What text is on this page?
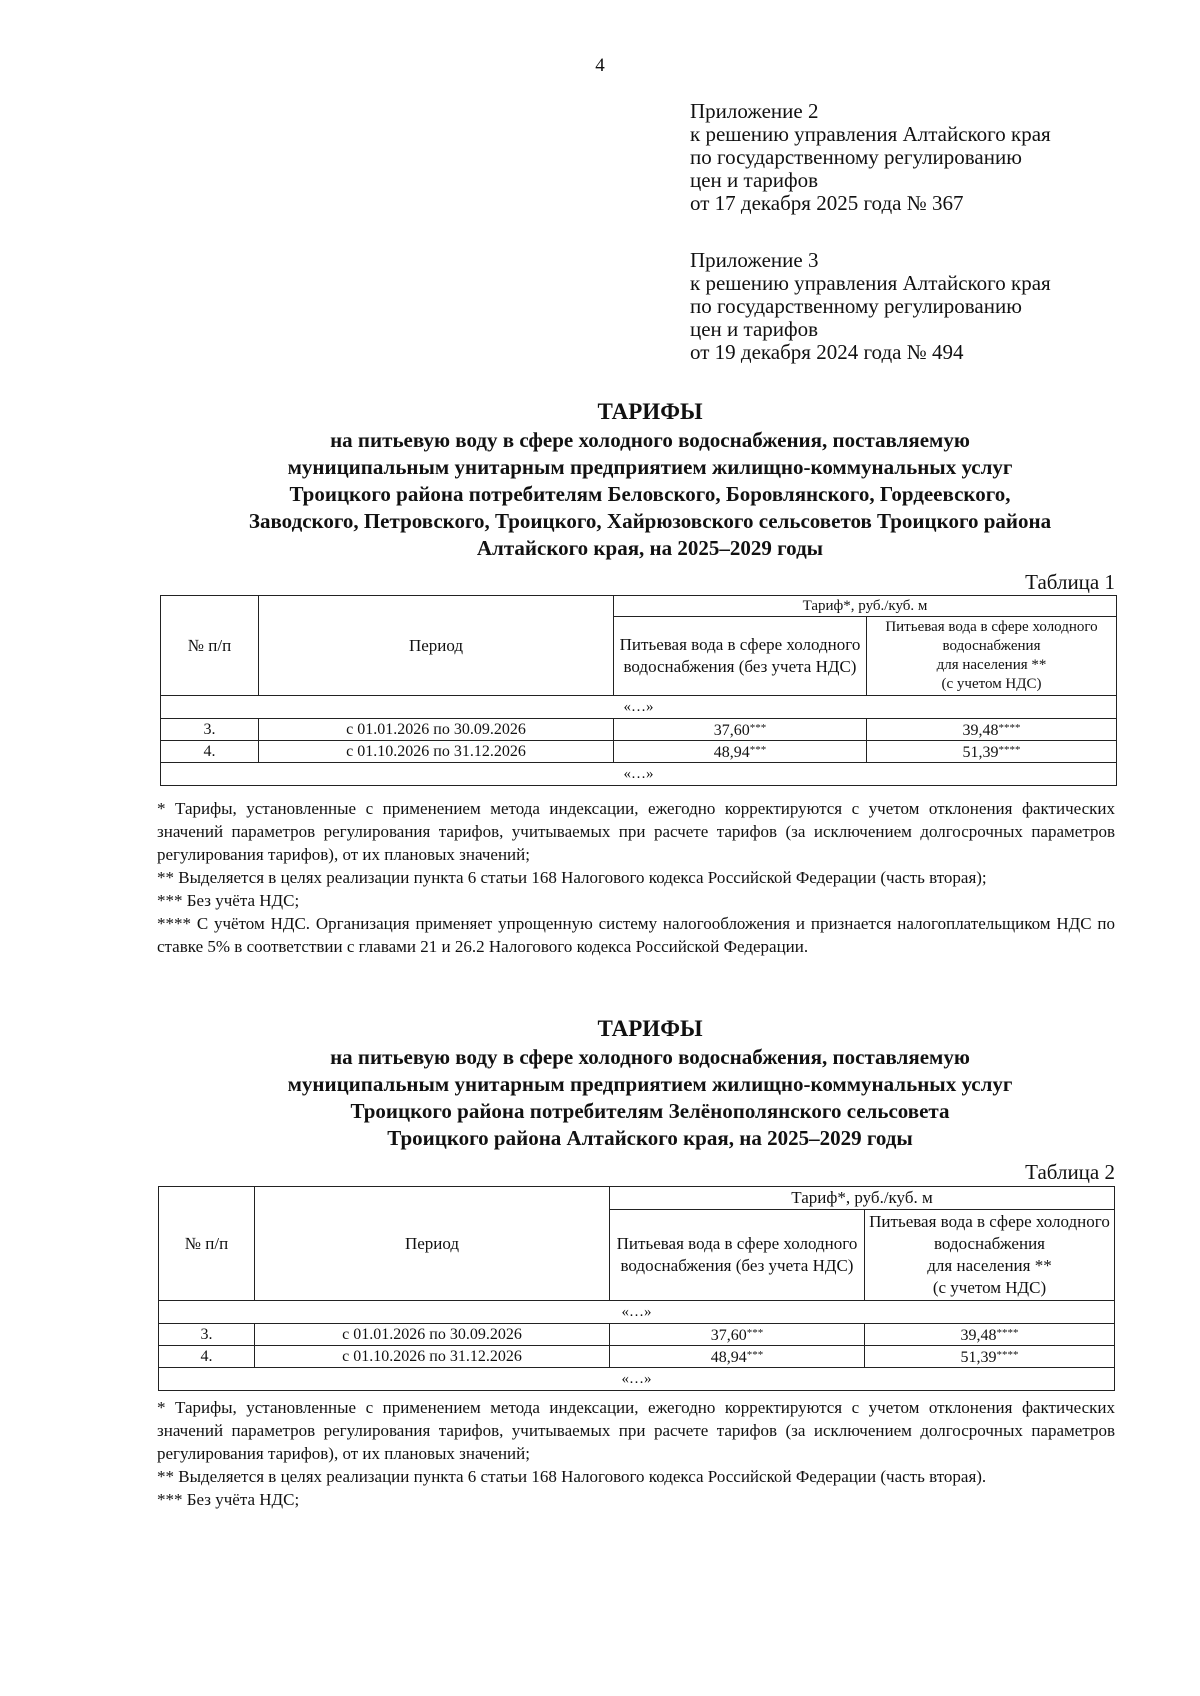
4
Приложение 2
к решению управления Алтайского края
по государственному регулированию
цен и тарифов
от 17 декабря 2025 года № 367
Приложение 3
к решению управления Алтайского края
по государственному регулированию
цен и тарифов
от 19 декабря 2024 года № 494
ТАРИФЫ
на питьевую воду в сфере холодного водоснабжения, поставляемую
муниципальным унитарным предприятием жилищно-коммунальных услуг
Троицкого района потребителям Беловского, Боровлянского, Гордеевского,
Заводского, Петровского, Троицкого, Хайрюзовского сельсоветов Троицкого района
Алтайского края, на 2025–2029 годы
Таблица 1
№ п/п	Период	Тариф*, руб./куб. м	
		Питьевая вода в сфере холодного водоснабжения (без учета НДС)	Питьевая вода в сфере холодного водоснабжения
для населения **
(с учетом НДС)

«…»			
3.	с 01.01.2026 по 30.09.2026	37,60***	39,48****
4.	с 01.10.2026 по 31.12.2026	48,94***	51,39****
«…»			

* Тарифы, установленные с применением метода индексации, ежегодно корректируются с учетом отклонения фактических значений параметров регулирования тарифов, учитываемых при расчете тарифов (за исключением долгосрочных параметров регулирования тарифов), от их плановых значений;

** Выделяется в целях реализации пункта 6 статьи 168 Налогового кодекса Российской Федерации (часть вторая);

*** Без учёта НДС;

**** С учётом НДС. Организация применяет упрощенную систему налогообложения и признается налогоплательщиком НДС по ставке 5% в соответствии с главами 21 и 26.2 Налогового кодекса Российской Федерации.

ТАРИФЫ
на питьевую воду в сфере холодного водоснабжения, поставляемую
муниципальным унитарным предприятием жилищно-коммунальных услуг
Троицкого района потребителям Зелёнополянского сельсовета
Троицкого района Алтайского края, на 2025–2029 годы
Таблица 2
№ п/п	Период	Тариф*, руб./куб. м	
		Питьевая вода в сфере холодного водоснабжения (без учета НДС)	Питьевая вода в сфере холодного водоснабжения
для населения **
(с учетом НДС)

«…»			
3.	с 01.01.2026 по 30.09.2026	37,60***	39,48****
4.	с 01.10.2026 по 31.12.2026	48,94***	51,39****
«…»			

* Тарифы, установленные с применением метода индексации, ежегодно корректируются с учетом отклонения фактических значений параметров регулирования тарифов, учитываемых при расчете тарифов (за исключением долгосрочных параметров регулирования тарифов), от их плановых значений;

** Выделяется в целях реализации пункта 6 статьи 168 Налогового кодекса Российской Федерации (часть вторая).

*** Без учёта НДС;
